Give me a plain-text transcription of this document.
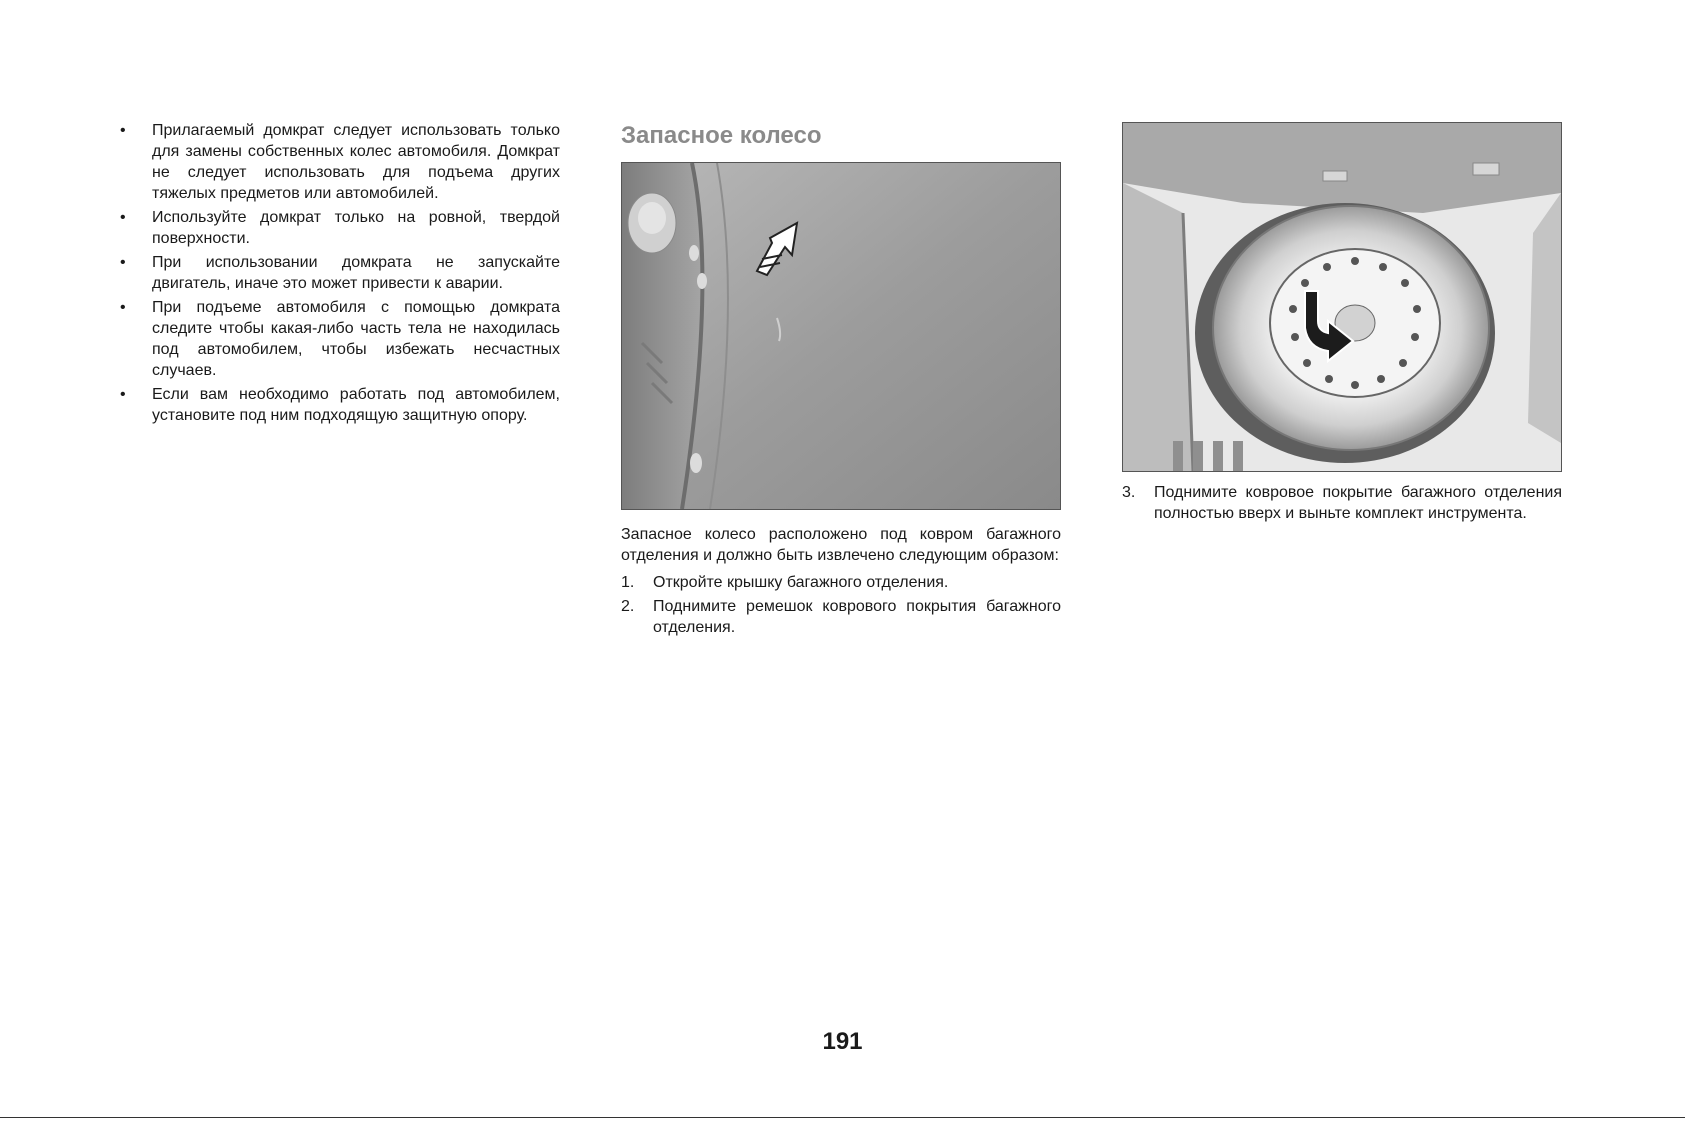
• Прилагаемый домкрат следует использовать только для замены собственных колес автомобиля. Домкрат не следует использовать для подъема других тяжелых предметов или автомобилей.
• Используйте домкрат только на ровной, твердой поверхности.
• При использовании домкрата не запускайте двигатель, иначе это может привести к аварии.
• При подъеме автомобиля с помощью домкрата следите чтобы какая-либо часть тела не находилась под автомобилем, чтобы избежать несчастных случаев.
• Если вам необходимо работать под автомобилем, установите под ним подходящую защитную опору.
Запасное колесо

Запасное колесо расположено под ковром багажного отделения и должно быть извлечено следующим образом:

1. Откройте крышку багажного отделения.
2. Поднимите ремешок коврового покрытия багажного отделения.
3. Поднимите ковровое покрытие багажного отделения полностью вверх и выньте комплект инструмента.
191
